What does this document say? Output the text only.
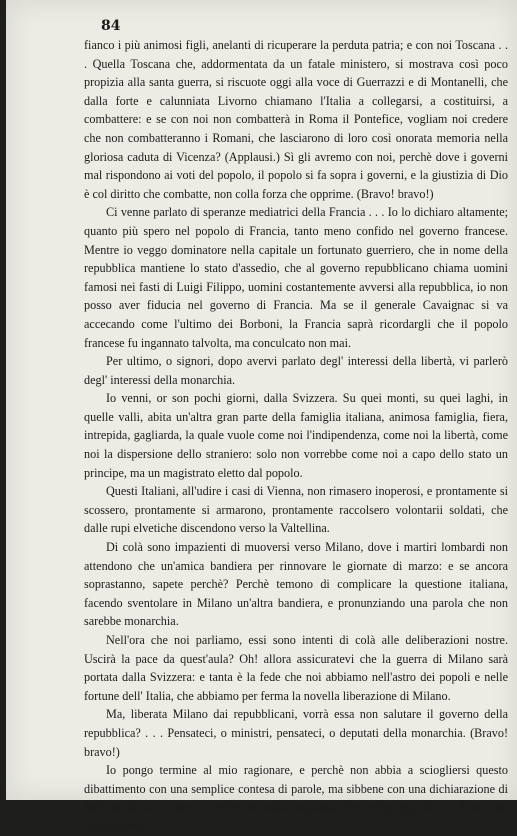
84

fianco i più animosi figli, anelanti di ricuperare la perduta patria; e con noi Toscana . . . Quella Toscana che, addormentata da un fatale ministero, si mostrava così poco propizia alla santa guerra, si riscuote oggi alla voce di Guerrazzi e di Montanelli, che dalla forte e calunniata Livorno chiamano l'Italia a collegarsi, a costituirsi, a combattere: e se con noi non combatterà in Roma il Pontefice, vogliam noi credere che non combatteranno i Romani, che lasciarono di loro così onorata memoria nella gloriosa caduta di Vicenza? (Applausi.) Sì gli avremo con noi, perchè dove i governi mal rispondono ai voti del popolo, il popolo si fa sopra i governi, e la giustizia di Dio è col diritto che combatte, non colla forza che opprime. (Bravo! bravo!)

Ci venne parlato di speranze mediatrici della Francia . . . Io lo dichiaro altamente; quanto più spero nel popolo di Francia, tanto meno confido nel governo francese. Mentre io veggo dominatore nella capitale un fortunato guerriero, che in nome della repubblica mantiene lo stato d'assedio, che al governo repubblicano chiama uomini famosi nei fasti di Luigi Filippo, uomini costantemente avversi alla repubblica, io non posso aver fiducia nel governo di Francia. Ma se il generale Cavaignac si va accecando come l'ultimo dei Borboni, la Francia saprà ricordargli che il popolo francese fu ingannato talvolta, ma conculcato non mai.

Per ultimo, o signori, dopo avervi parlato degl' interessi della libertà, vi parlerò degl' interessi della monarchia.

Io venni, or son pochi giorni, dalla Svizzera. Su quei monti, su quei laghi, in quelle valli, abita un'altra gran parte della famiglia italiana, animosa famiglia, fiera, intrepida, gagliarda, la quale vuole come noi l'indipendenza, come noi la libertà, come noi la dispersione dello straniero: solo non vorrebbe come noi a capo dello stato un principe, ma un magistrato eletto dal popolo.

Questi Italiani, all'udire i casi di Vienna, non rimasero inoperosi, e prontamente si scossero, prontamente si armarono, prontamente raccolsero volontarii soldati, che dalle rupi elvetiche discendono verso la Valtellina.

Di colà sono impazienti di muoversi verso Milano, dove i martiri lombardi non attendono che un'amica bandiera per rinnovare le giornate di marzo: e se ancora soprastanno, sapete perchè? Perchè temono di complicare la questione italiana, facendo sventolare in Milano un'altra bandiera, e pronunziando una parola che non sarebbe monarchia.

Nell'ora che noi parliamo, essi sono intenti di colà alle deliberazioni nostre. Uscirà la pace da quest'aula? Oh! allora assicuratevi che la guerra di Milano sarà portata dalla Svizzera: e tanta è la fede che noi abbiamo nell'astro dei popoli e nelle fortune dell' Italia, che abbiamo per ferma la novella liberazione di Milano.

Ma, liberata Milano dai repubblicani, vorrà essa non salutare il governo della repubblica? . . . Pensateci, o ministri, pensateci, o deputati della monarchia. (Bravo! bravo!)

Io pongo termine al mio ragionare, e perchè non abbia a sciogliersi questo dibattimento con una semplice contesa di parole, ma sibbene con una dichiarazione di fatti, invito la Camera a deliberare sulla proposta, che sottopongo al suo illuminato patriottismo:
